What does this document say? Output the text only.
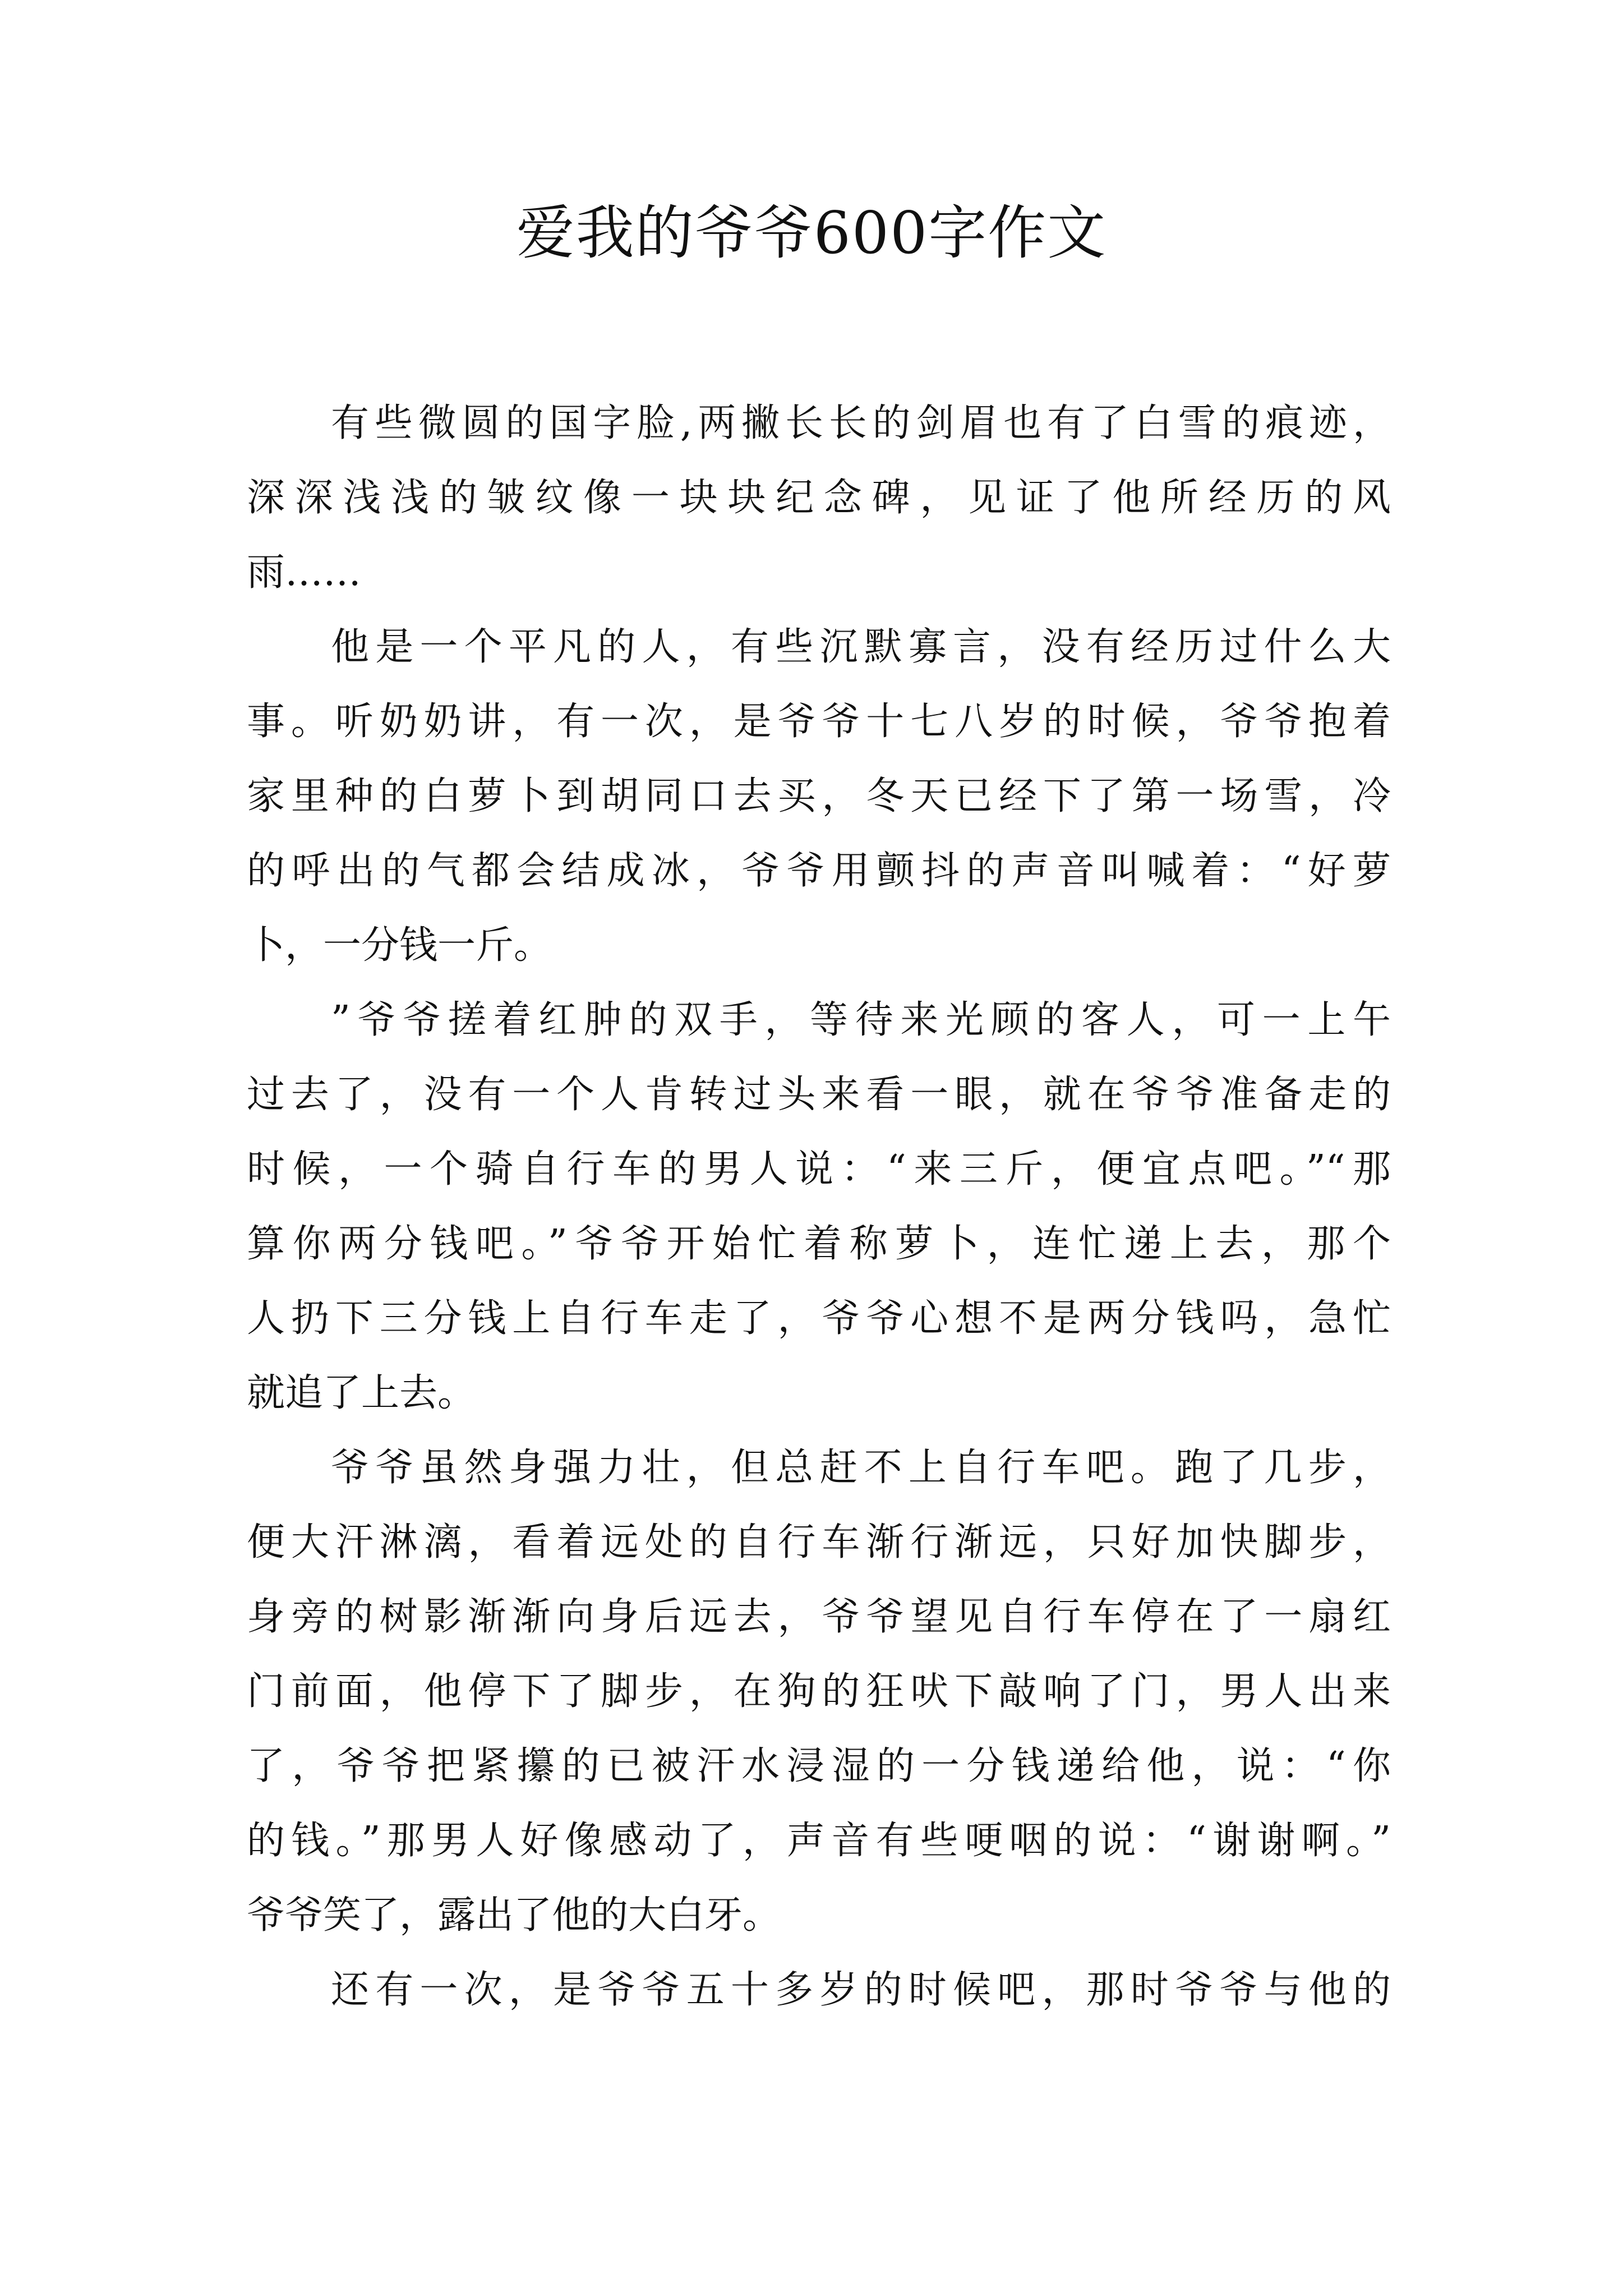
爱我的爷爷600字作文
有些微圆的国字脸,两撇长长的剑眉也有了白雪的痕迹，
深深浅浅的皱纹像一块块纪念碑，见证了他所经历的风
雨……
他是一个平凡的人，有些沉默寡言，没有经历过什么大
事。听奶奶讲，有一次，是爷爷十七八岁的时候，爷爷抱着
家里种的白萝卜到胡同口去买，冬天已经下了第一场雪，冷
的呼出的气都会结成冰，爷爷用颤抖的声音叫喊着：“好萝
卜，一分钱一斤。
”爷爷搓着红肿的双手，等待来光顾的客人，可一上午
过去了，没有一个人肯转过头来看一眼，就在爷爷准备走的
时候，一个骑自行车的男人说：“来三斤，便宜点吧。”“那
算你两分钱吧。”爷爷开始忙着称萝卜，连忙递上去，那个
人扔下三分钱上自行车走了，爷爷心想不是两分钱吗，急忙
就追了上去。
爷爷虽然身强力壮，但总赶不上自行车吧。跑了几步，
便大汗淋漓，看着远处的自行车渐行渐远，只好加快脚步，
身旁的树影渐渐向身后远去，爷爷望见自行车停在了一扇红
门前面，他停下了脚步，在狗的狂吠下敲响了门，男人出来
了，爷爷把紧攥的已被汗水浸湿的一分钱递给他，说：“你
的钱。”那男人好像感动了，声音有些哽咽的说：“谢谢啊。”
爷爷笑了，露出了他的大白牙。
还有一次，是爷爷五十多岁的时候吧，那时爷爷与他的
